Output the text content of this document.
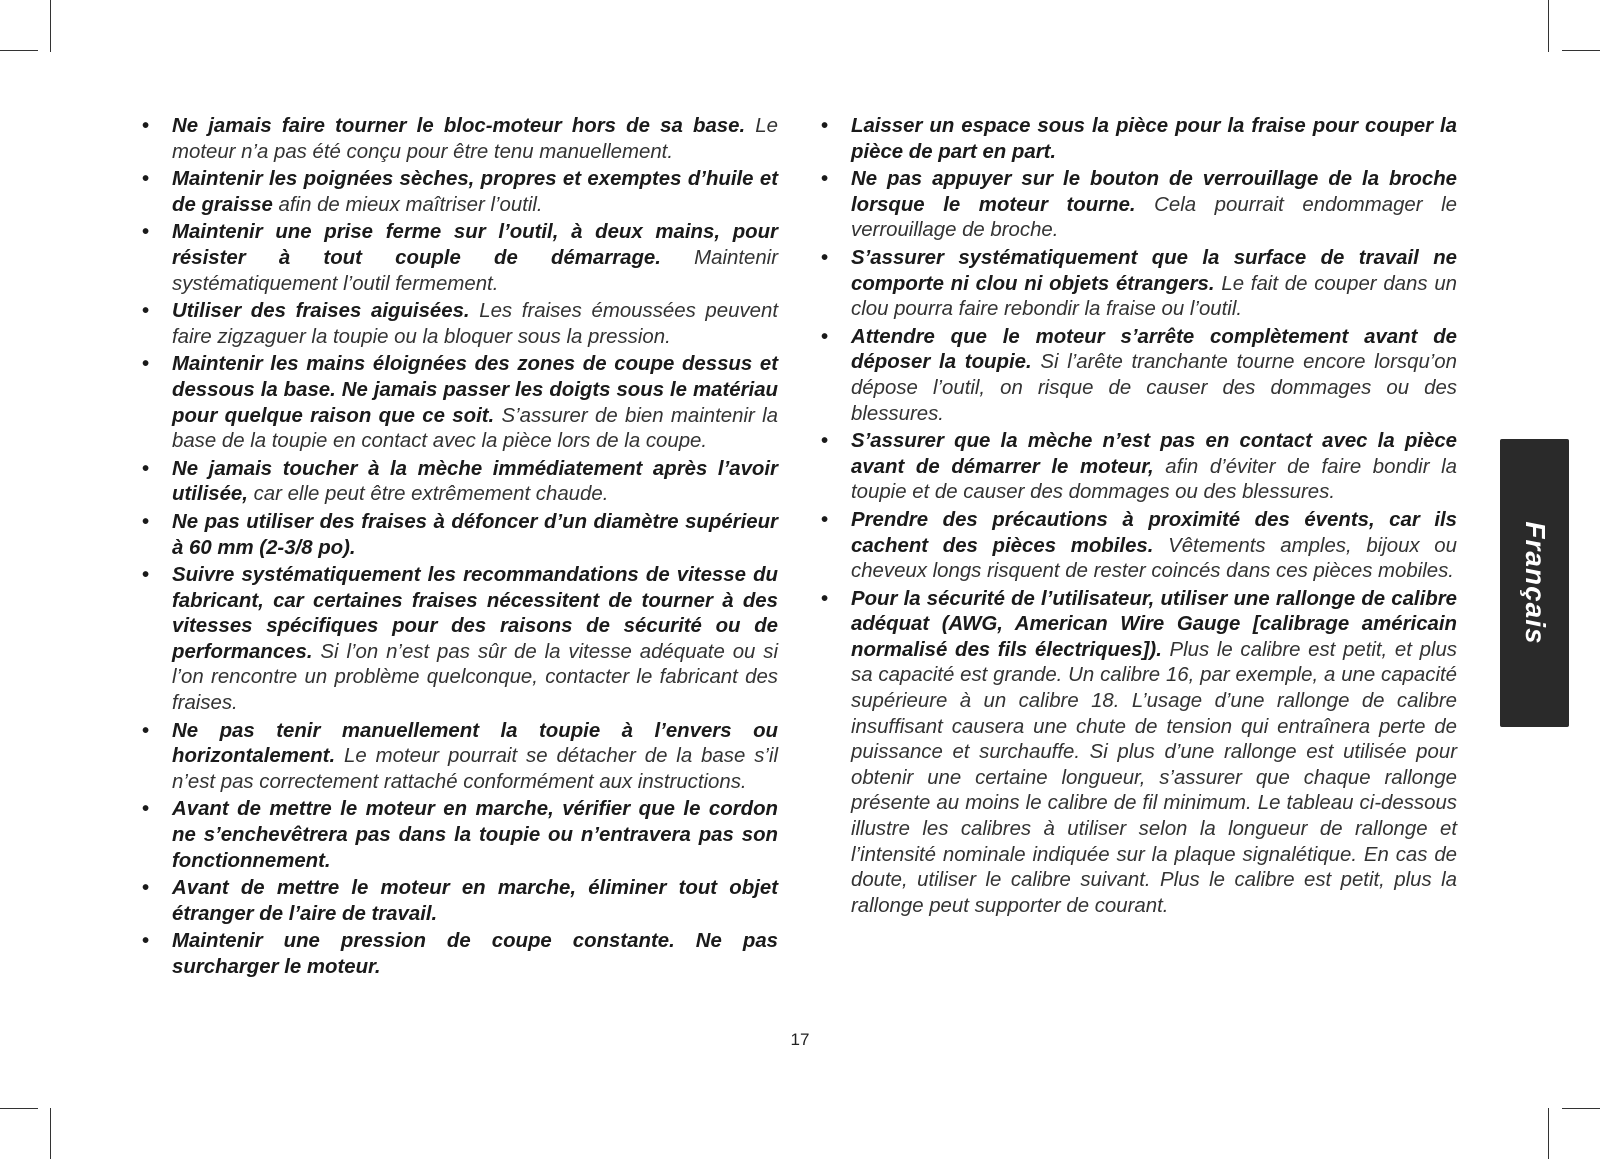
• Ne jamais faire tourner le bloc-moteur hors de sa base. Le moteur n’a pas été conçu pour être tenu manuellement.
• Maintenir les poignées sèches, propres et exemptes d’huile et de graisse afin de mieux maîtriser l’outil.
• Maintenir une prise ferme sur l’outil, à deux mains, pour résister à tout couple de démarrage. Maintenir systématiquement l’outil fermement.
• Utiliser des fraises aiguisées. Les fraises émoussées peuvent faire zigzaguer la toupie ou la bloquer sous la pression.
• Maintenir les mains éloignées des zones de coupe dessus et dessous la base. Ne jamais passer les doigts sous le matériau pour quelque raison que ce soit. S’assurer de bien maintenir la base de la toupie en contact avec la pièce lors de la coupe.
• Ne jamais toucher à la mèche immédiatement après l’avoir utilisée, car elle peut être extrêmement chaude.
• Ne pas utiliser des fraises à défoncer d’un diamètre supérieur à 60 mm (2-3/8 po).
• Suivre systématiquement les recommandations de vitesse du fabricant, car certaines fraises nécessitent de tourner à des vitesses spécifiques pour des raisons de sécurité ou de performances. Si l’on n’est pas sûr de la vitesse adéquate ou si l’on rencontre un problème quelconque, contacter le fabricant des fraises.
• Ne pas tenir manuellement la toupie à l’envers ou horizontalement. Le moteur pourrait se détacher de la base s’il n’est pas correctement rattaché conformément aux instructions.
• Avant de mettre le moteur en marche, vérifier que le cordon ne s’enchevêtrera pas dans la toupie ou n’entravera pas son fonctionnement.
• Avant de mettre le moteur en marche, éliminer tout objet étranger de l’aire de travail.
• Maintenir une pression de coupe constante. Ne pas surcharger le moteur.
• Laisser un espace sous la pièce pour la fraise pour couper la pièce de part en part.
• Ne pas appuyer sur le bouton de verrouillage de la broche lorsque le moteur tourne. Cela pourrait endommager le verrouillage de broche.
• S’assurer systématiquement que la surface de travail ne comporte ni clou ni objets étrangers. Le fait de couper dans un clou pourra faire rebondir la fraise ou l’outil.
• Attendre que le moteur s’arrête complètement avant de déposer la toupie. Si l’arête tranchante tourne encore lorsqu’on dépose l’outil, on risque de causer des dommages ou des blessures.
• S’assurer que la mèche n’est pas en contact avec la pièce avant de démarrer le moteur, afin d’éviter de faire bondir la toupie et de causer des dommages ou des blessures.
• Prendre des précautions à proximité des évents, car ils cachent des pièces mobiles. Vêtements amples, bijoux ou cheveux longs risquent de rester coincés dans ces pièces mobiles.
• Pour la sécurité de l’utilisateur, utiliser une rallonge de calibre adéquat (AWG, American Wire Gauge [calibrage américain normalisé des fils électriques]). Plus le calibre est petit, et plus sa capacité est grande. Un calibre 16, par exemple, a une capacité supérieure à un calibre 18. L’usage d’une rallonge de calibre insuffisant causera une chute de tension qui entraînera perte de puissance et surchauffe. Si plus d’une rallonge est utilisée pour obtenir une certaine longueur, s’assurer que chaque rallonge présente au moins le calibre de fil minimum. Le tableau ci-dessous illustre les calibres à utiliser selon la longueur de rallonge et l’intensité nominale indiquée sur la plaque signalétique. En cas de doute, utiliser le calibre suivant. Plus le calibre est petit, plus la rallonge peut supporter de courant.
17
Français
